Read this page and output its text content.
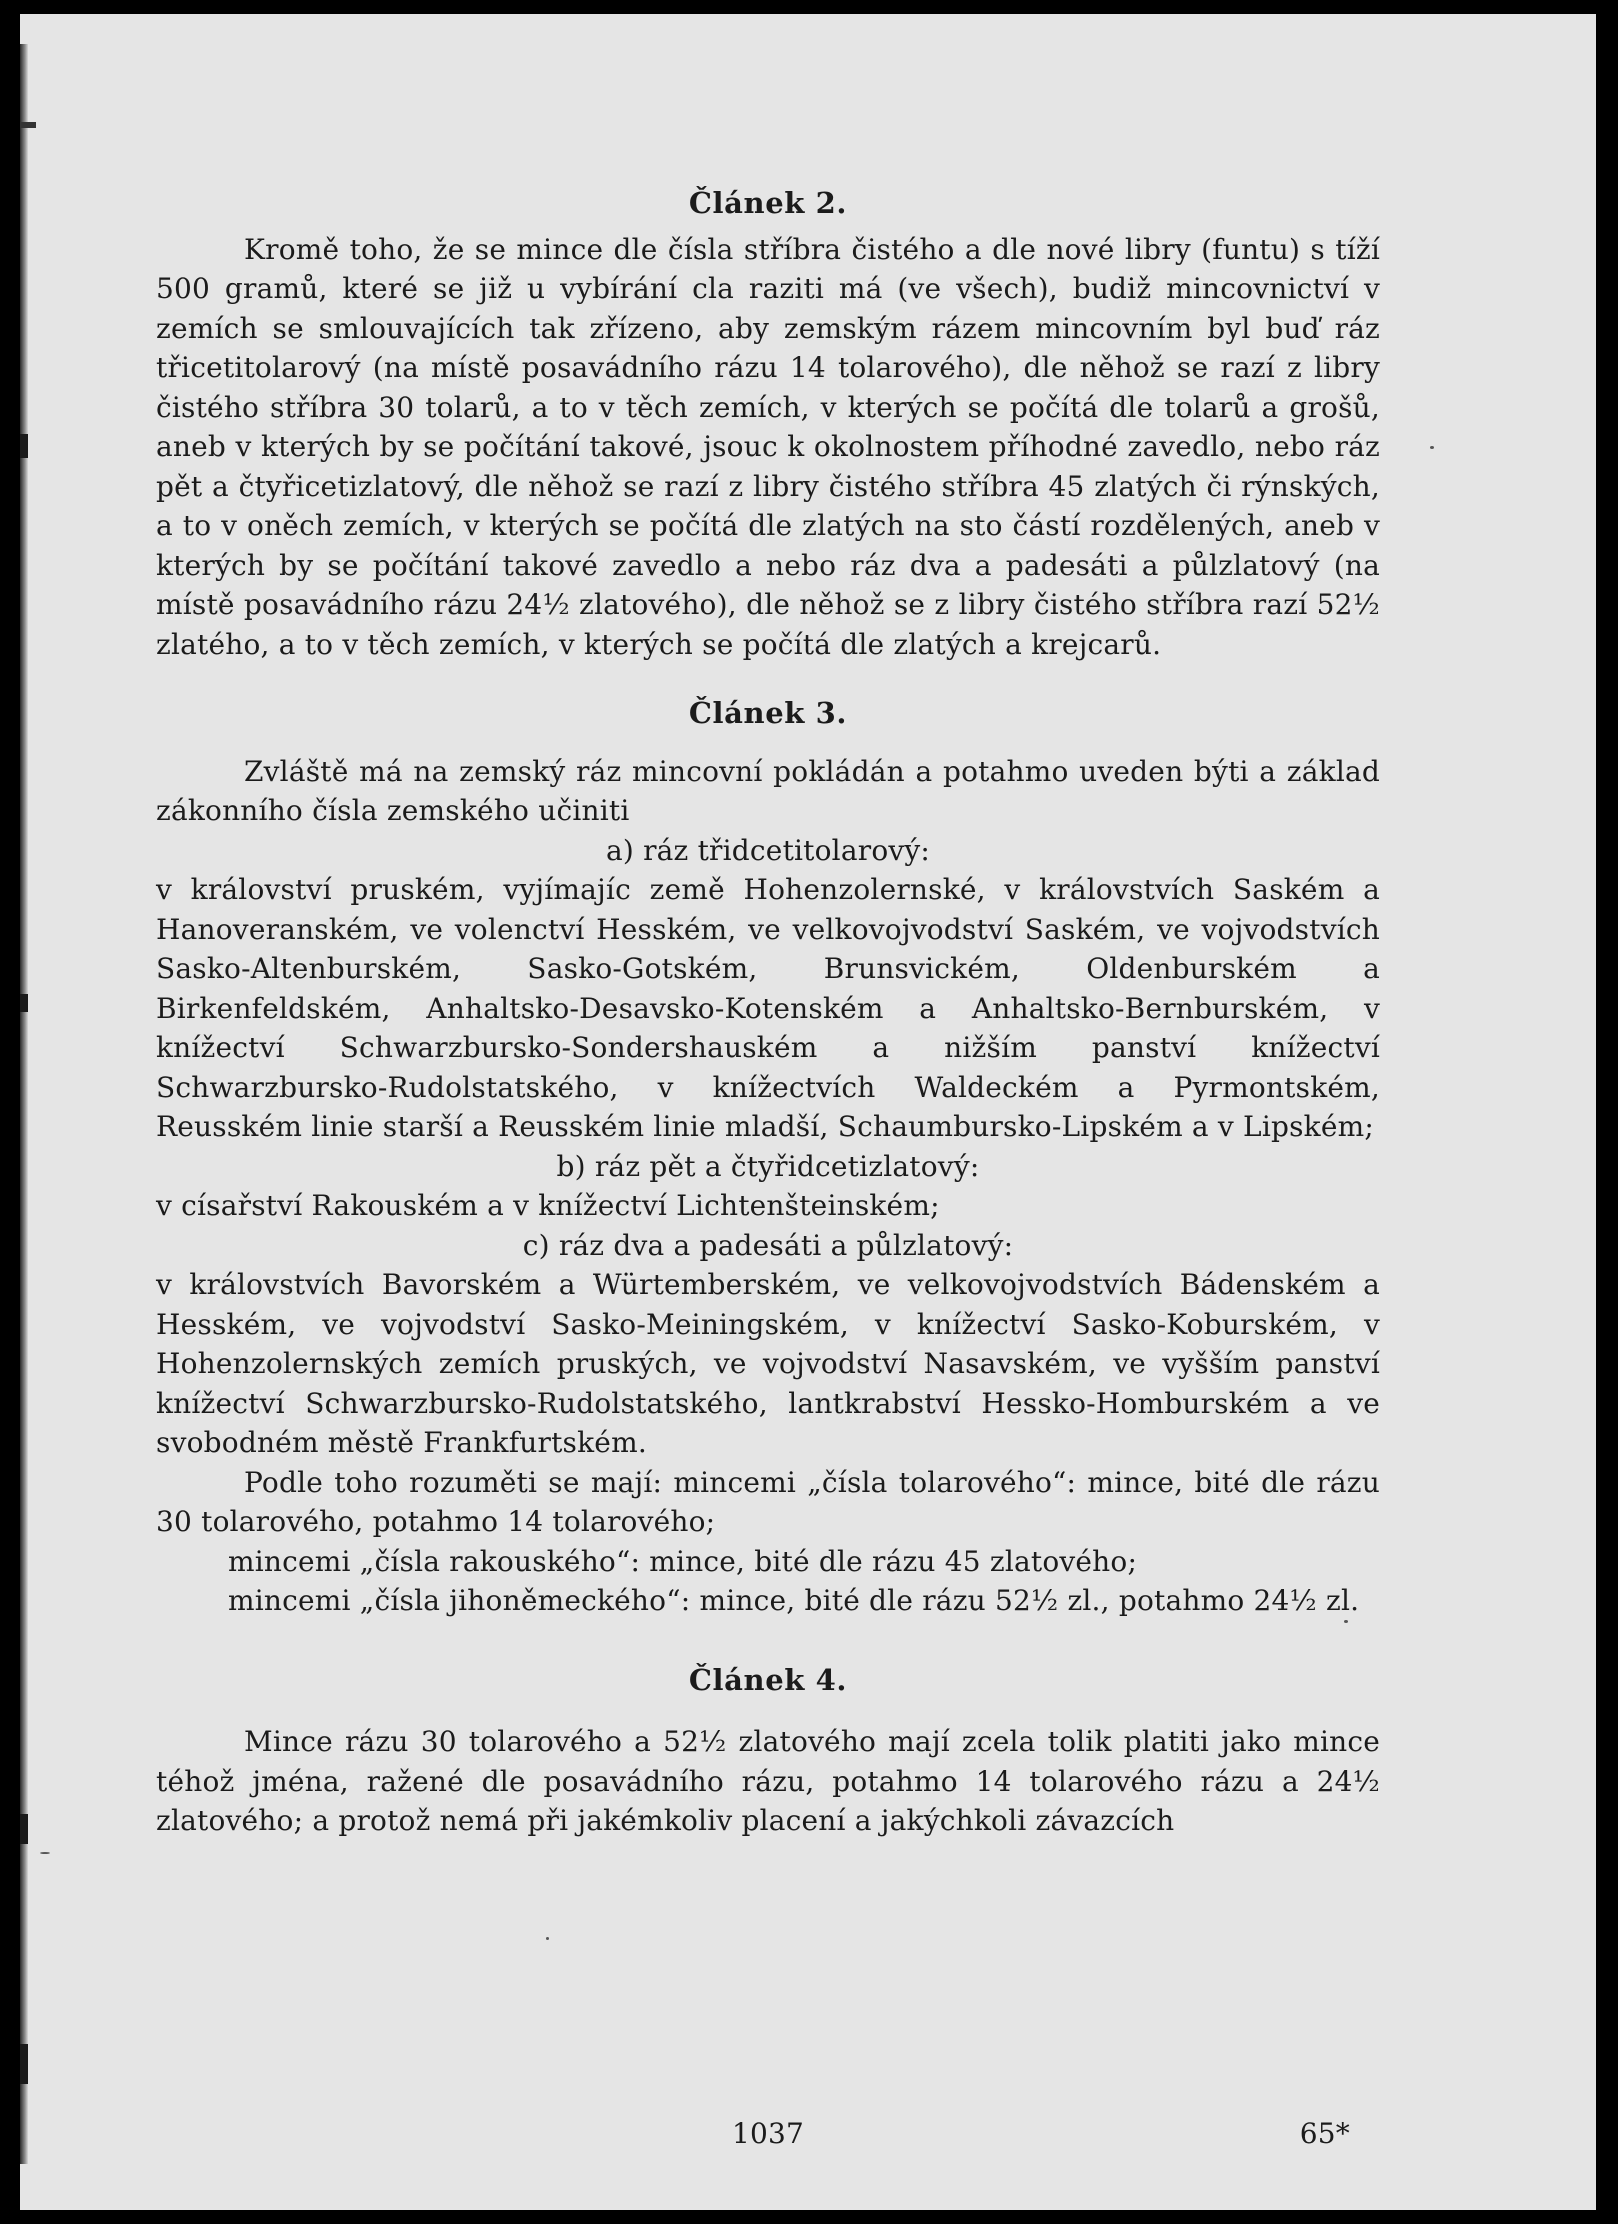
Článek 2.

Kromě toho, že se mince dle čísla stříbra čistého a dle nové libry (funtu) s tíží 500 gramů, které se již u vybírání cla raziti má (ve všech), budiž mincovnictví v zemích se smlouvajících tak zřízeno, aby zemským rázem mincovním byl buď ráz třicetitolarový (na místě posavádního rázu 14 tolarového), dle něhož se razí z libry čistého stříbra 30 tolarů, a to v těch zemích, v kterých se počítá dle tolarů a grošů, aneb v kterých by se počítání takové, jsouc k okolnostem příhodné zavedlo, nebo ráz pět a čtyřicetizlatový, dle něhož se razí z libry čistého stříbra 45 zlatých či rýnských, a to v oněch zemích, v kterých se počítá dle zlatých na sto částí rozdělených, aneb v kterých by se počítání takové zavedlo a nebo ráz dva a padesáti a půlzlatový (na místě posavádního rázu 24½ zlatového), dle něhož se z libry čistého stříbra razí 52½ zlatého, a to v těch zemích, v kterých se počítá dle zlatých a krejcarů.

Článek 3.

Zvláště má na zemský ráz mincovní pokládán a potahmo uveden býti a základ zákonního čísla zemského učiniti

a) ráz třidcetitolarový:

v království pruském, vyjímajíc země Hohenzolernské, v královstvích Saském a Hanoveranském, ve volenctví Hesském, ve velkovojvodství Saském, ve vojvodstvích Sasko-Altenburském, Sasko-Gotském, Brunsvickém, Oldenburském a Birkenfeldském, Anhaltsko-Desavsko-Kotenském a Anhaltsko-Bernburském, v knížectví Schwarzbursko-Sondershauském a nižším panství knížectví Schwarzbursko-Rudolstatského, v knížectvích Waldeckém a Pyrmontském, Reusském linie starší a Reusském linie mladší, Schaumbursko-Lipském a v Lipském;

b) ráz pět a čtyřidcetizlatový:

v císařství Rakouském a v knížectví Lichtenšteinském;

c) ráz dva a padesáti a půlzlatový:

v královstvích Bavorském a Würtemberském, ve velkovojvodstvích Bádenském a Hesském, ve vojvodství Sasko-Meiningském, v knížectví Sasko-Koburském, v Hohenzolernských zemích pruských, ve vojvodství Nasavském, ve vyšším panství knížectví Schwarzbursko-Rudolstatského, lantkrabství Hessko-Homburském a ve svobodném městě Frankfurtském.

Podle toho rozuměti se mají: mincemi „čísla tolarového“: mince, bité dle rázu 30 tolarového, potahmo 14 tolarového;

mincemi „čísla rakouského“: mince, bité dle rázu 45 zlatového;

mincemi „čísla jihoněmeckého“: mince, bité dle rázu 52½ zl., potahmo 24½ zl.

Článek 4.

Mince rázu 30 tolarového a 52½ zlatového mají zcela tolik platiti jako mince téhož jména, ražené dle posavádního rázu, potahmo 14 tolarového rázu a 24½ zlatového; a protož nemá při jakémkoliv placení a jakýchkoli závazcích

1037	65*
